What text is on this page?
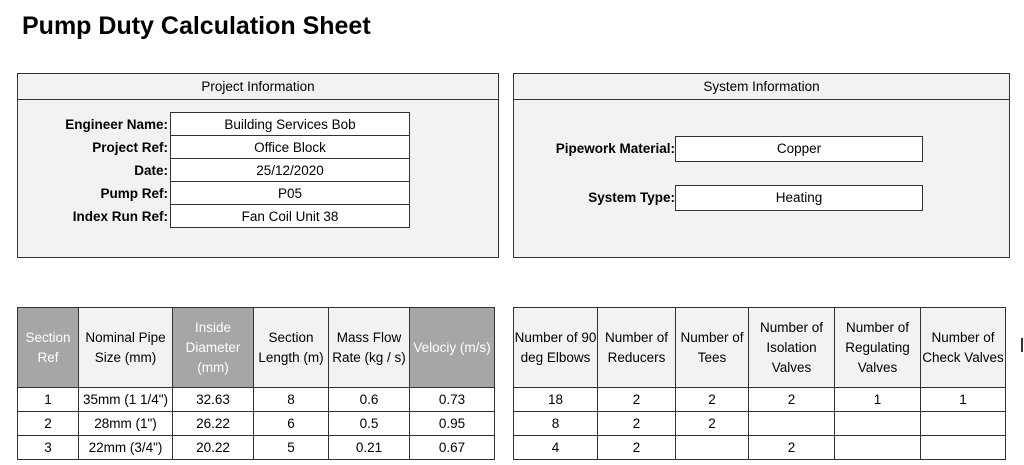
Pump Duty Calculation Sheet
Project Information
Engineer Name:	Building Services Bob
Project Ref:	Office Block
Date:	25/12/2020
Pump Ref:	P05
Index Run Ref:	Fan Coil Unit 38
System Information
Pipework Material:	Copper
System Type:	Heating
Section Ref	Nominal Pipe Size (mm)	Inside Diameter (mm)	Section Length (m)	Mass Flow Rate (kg / s)	Velociy (m/s)
1	35mm (1 1/4")	32.63	8	0.6	0.73
2	28mm (1")	26.22	6	0.5	0.95
3	22mm (3/4")	20.22	5	0.21	0.67
Number of 90 deg Elbows	Number of Reducers	Number of Tees	Number of Isolation Valves	Number of Regulating Valves	Number of Check Valves
18	2	2	2	1	1
8	2	2			
4	2		2		
